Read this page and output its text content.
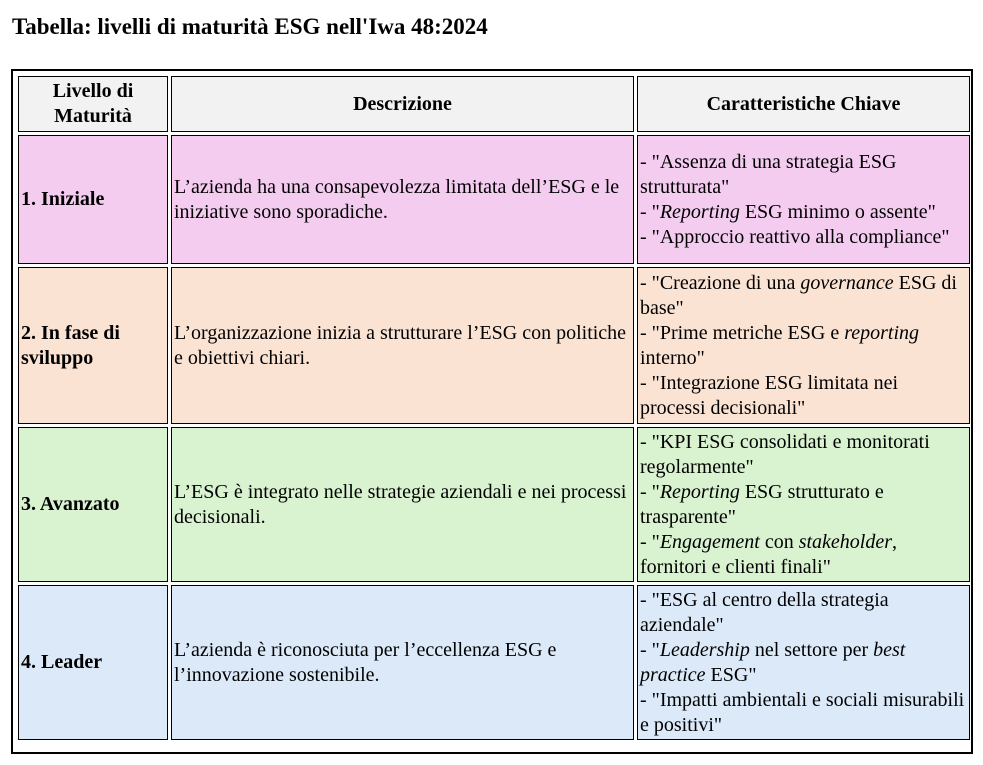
Tabella: livelli di maturità ESG nell'Iwa 48:2024
Livello di Maturità	Descrizione	Caratteristiche Chiave
1. Iniziale	L’azienda ha una consapevolezza limitata dell’ESG e le iniziative sono sporadiche.	- "Assenza di una strategia ESG strutturata"
- "Reporting ESG minimo o assente"
- "Approccio reattivo alla compliance"

2. In fase di sviluppo	L’organizzazione inizia a strutturare l’ESG con politiche e obiettivi chiari.	- "Creazione di una governance ESG di base"
- "Prime metriche ESG e reporting interno"
- "Integrazione ESG limitata nei processi decisionali"

3. Avanzato	L’ESG è integrato nelle strategie aziendali e nei processi decisionali.	- "KPI ESG consolidati e monitorati regolarmente"
- "Reporting ESG strutturato e trasparente"
- "Engagement con stakeholder, fornitori e clienti finali"

4. Leader	L’azienda è riconosciuta per l’eccellenza ESG e l’innovazione sostenibile.	- "ESG al centro della strategia aziendale"
- "Leadership nel settore per best practice ESG"
- "Impatti ambientali e sociali misurabili e positivi"
